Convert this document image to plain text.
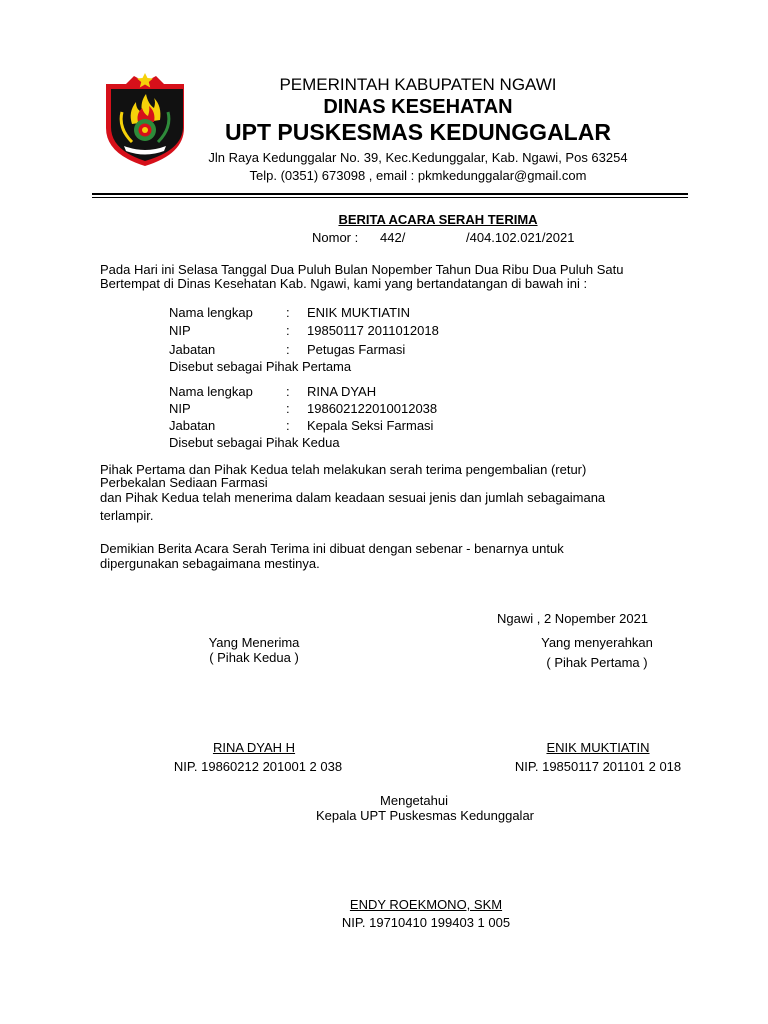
PEMERINTAH KABUPATEN NGAWI
DINAS KESEHATAN
UPT PUSKESMAS KEDUNGGALAR
Jln Raya Kedunggalar No. 39, Kec.Kedunggalar, Kab. Ngawi, Pos 63254
Telp. (0351) 673098 , email : pkmkedunggalar@gmail.com
BERITA ACARA SERAH TERIMA
Nomor : 442/	/404.102.021/2021
Pada Hari ini Selasa Tanggal Dua Puluh Bulan Nopember Tahun Dua Ribu Dua Puluh Satu
Bertempat di Dinas Kesehatan Kab. Ngawi, kami yang bertandatangan di bawah ini :
Nama lengkap	: ENIK MUKTIATIN
NIP	: 19850117 2011012018
Jabatan	: Petugas Farmasi
Disebut sebagai Pihak Pertama
Nama lengkap	: RINA DYAH
NIP	: 198602122010012038
Jabatan	: Kepala Seksi Farmasi
Disebut sebagai Pihak Kedua
Pihak Pertama dan Pihak Kedua telah melakukan serah terima pengembalian (retur)
Perbekalan Sediaan Farmasi
dan Pihak Kedua telah menerima dalam keadaan sesuai jenis dan jumlah sebagaimana
terlampir.
Demikian Berita Acara Serah Terima ini dibuat dengan sebenar - benarnya untuk
dipergunakan sebagaimana mestinya.
Ngawi , 2 Nopember 2021
Yang Menerima
( Pihak Kedua )
Yang menyerahkan
( Pihak Pertama )
RINA DYAH H
NIP. 19860212 201001 2 038
ENIK MUKTIATIN
NIP. 19850117 201101 2 018
Mengetahui
Kepala UPT Puskesmas Kedunggalar
ENDY ROEKMONO, SKM
NIP. 19710410 199403 1 005
